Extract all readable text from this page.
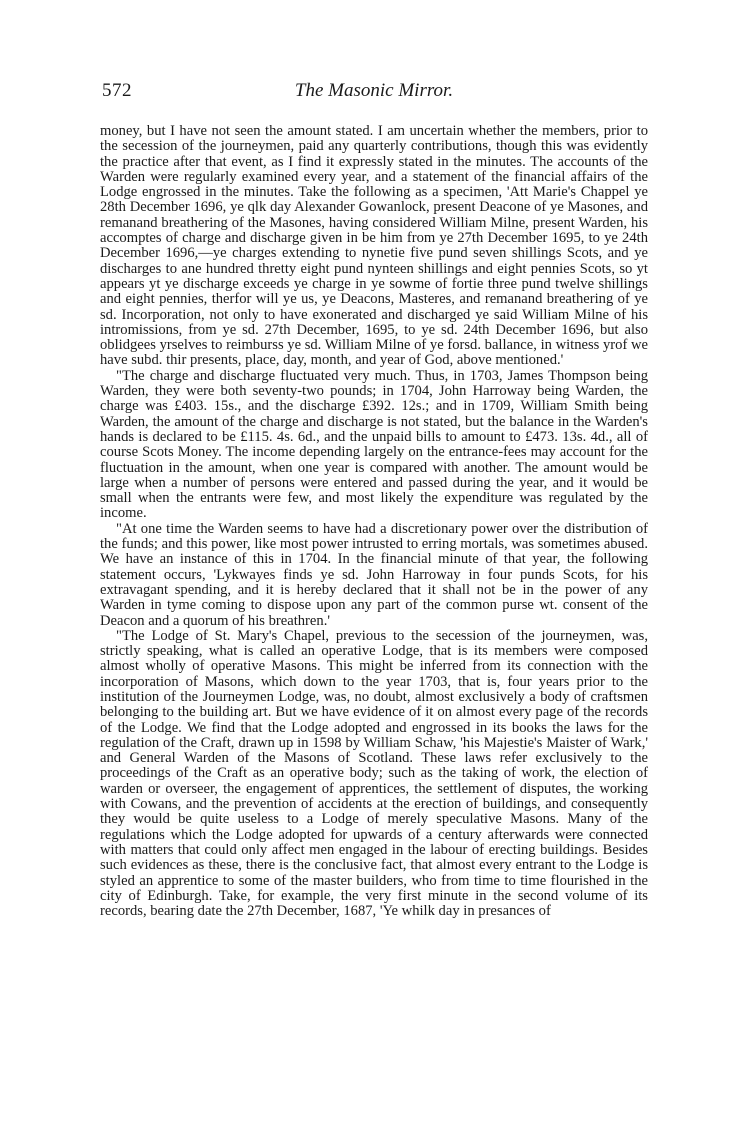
572	The Masonic Mirror.

money, but I have not seen the amount stated. I am uncertain whether the members, prior to the secession of the journeymen, paid any quarterly contributions, though this was evidently the practice after that event, as I find it expressly stated in the minutes. The accounts of the Warden were regularly examined every year, and a statement of the financial affairs of the Lodge engrossed in the minutes. Take the following as a specimen, 'Att Marie's Chappel ye 28th December 1696, ye qlk day Alexander Gowanlock, present Deacone of ye Masones, and remanand breathering of the Masones, having considered William Milne, present Warden, his accomptes of charge and discharge given in be him from ye 27th December 1695, to ye 24th December 1696,—ye charges extending to nynetie five pund seven shillings Scots, and ye discharges to ane hundred thretty eight pund nynteen shillings and eight pennies Scots, so yt appears yt ye discharge exceeds ye charge in ye sowme of fortie three pund twelve shillings and eight pennies, therfor will ye us, ye Deacons, Masteres, and remanand breathering of ye sd. Incorporation, not only to have exonerated and discharged ye said William Milne of his intromissions, from ye sd. 27th December, 1695, to ye sd. 24th December 1696, but also oblidgees yrselves to reimburss ye sd. William Milne of ye forsd. ballance, in witness yrof we have subd. thir presents, place, day, month, and year of God, above mentioned.'

"The charge and discharge fluctuated very much. Thus, in 1703, James Thompson being Warden, they were both seventy-two pounds; in 1704, John Harroway being Warden, the charge was £403. 15s., and the discharge £392. 12s.; and in 1709, William Smith being Warden, the amount of the charge and discharge is not stated, but the balance in the Warden's hands is declared to be £115. 4s. 6d., and the unpaid bills to amount to £473. 13s. 4d., all of course Scots Money. The income depending largely on the entrance-fees may account for the fluctuation in the amount, when one year is compared with another. The amount would be large when a number of persons were entered and passed during the year, and it would be small when the entrants were few, and most likely the expenditure was regulated by the income.

"At one time the Warden seems to have had a discretionary power over the distribution of the funds; and this power, like most power intrusted to erring mortals, was sometimes abused. We have an instance of this in 1704. In the financial minute of that year, the following statement occurs, 'Lykwayes finds ye sd. John Harroway in four punds Scots, for his extravagant spending, and it is hereby declared that it shall not be in the power of any Warden in tyme coming to dispose upon any part of the common purse wt. consent of the Deacon and a quorum of his breathren.'

"The Lodge of St. Mary's Chapel, previous to the secession of the journeymen, was, strictly speaking, what is called an operative Lodge, that is its members were composed almost wholly of operative Masons. This might be inferred from its connection with the incorporation of Masons, which down to the year 1703, that is, four years prior to the institution of the Journeymen Lodge, was, no doubt, almost exclusively a body of craftsmen belonging to the building art. But we have evidence of it on almost every page of the records of the Lodge. We find that the Lodge adopted and engrossed in its books the laws for the regulation of the Craft, drawn up in 1598 by William Schaw, 'his Majestie's Maister of Wark,' and General Warden of the Masons of Scotland. These laws refer exclusively to the proceedings of the Craft as an operative body; such as the taking of work, the election of warden or overseer, the engagement of apprentices, the settlement of disputes, the working with Cowans, and the prevention of accidents at the erection of buildings, and consequently they would be quite useless to a Lodge of merely speculative Masons. Many of the regulations which the Lodge adopted for upwards of a century afterwards were connected with matters that could only affect men engaged in the labour of erecting buildings. Besides such evidences as these, there is the conclusive fact, that almost every entrant to the Lodge is styled an apprentice to some of the master builders, who from time to time flourished in the city of Edinburgh. Take, for example, the very first minute in the second volume of its records, bearing date the 27th December, 1687, 'Ye whilk day in presances of
